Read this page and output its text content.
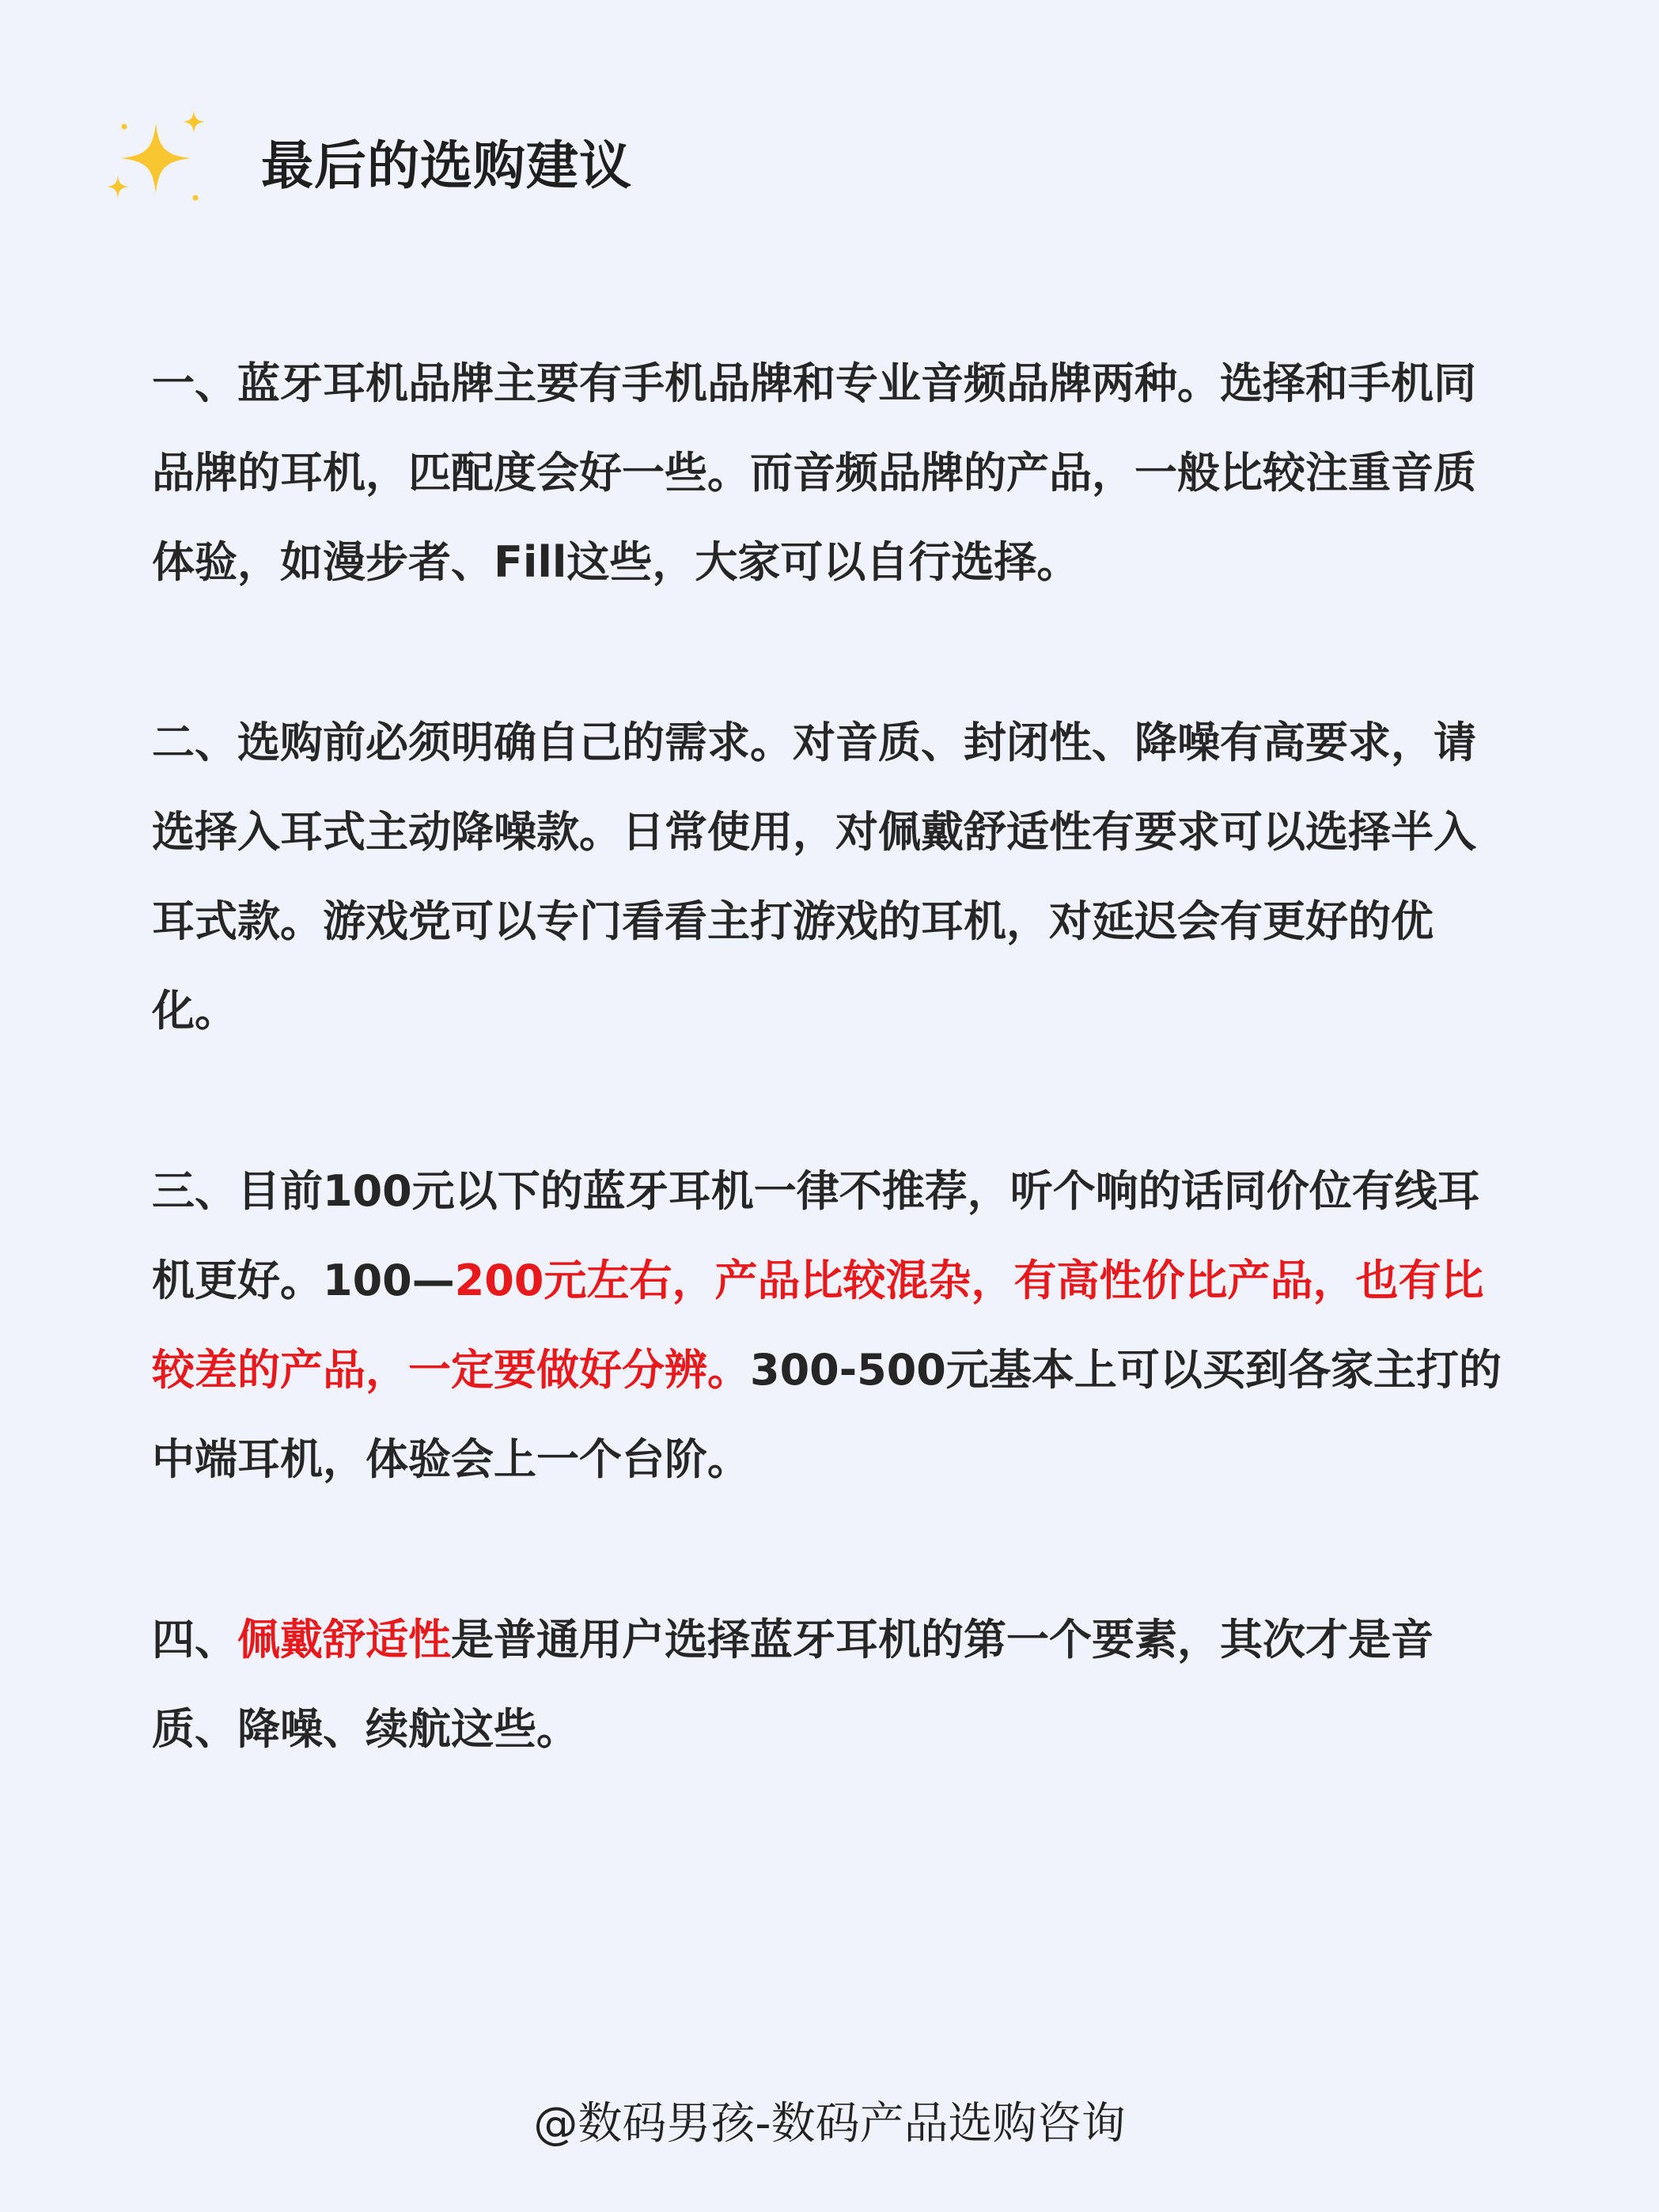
最后的选购建议

一、蓝牙耳机品牌主要有手机品牌和专业音频品牌两种。选择和手机同品牌的耳机，匹配度会好一些。而音频品牌的产品，一般比较注重音质体验，如漫步者、Fill这些，大家可以自行选择。

二、选购前必须明确自己的需求。对音质、封闭性、降噪有高要求，请选择入耳式主动降噪款。日常使用，对佩戴舒适性有要求可以选择半入耳式款。游戏党可以专门看看主打游戏的耳机，对延迟会有更好的优化。

三、目前100元以下的蓝牙耳机一律不推荐，听个响的话同价位有线耳机更好。100—200元左右，产品比较混杂，有高性价比产品，也有比较差的产品，一定要做好分辨。300-500元基本上可以买到各家主打的中端耳机，体验会上一个台阶。

四、佩戴舒适性是普通用户选择蓝牙耳机的第一个要素，其次才是音质、降噪、续航这些。

@数码男孩-数码产品选购咨询
